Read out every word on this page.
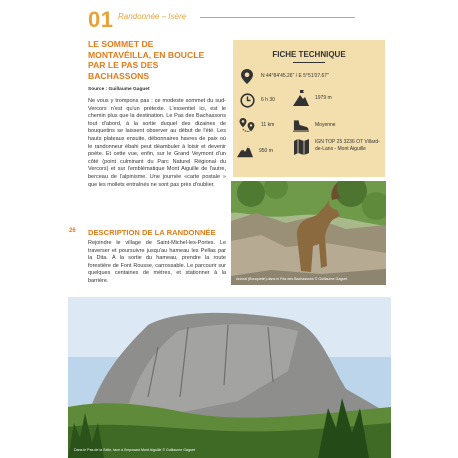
01 Randonnée – Isère
LE SOMMET DE MONTAVÉILLA, EN BOUCLE PAR LE PAS DES BACHASSONS
Source : Guillaume Gaguet
Ne vous y trompons pas : ce modeste sommet du sud-Vercors n'est qu'un prétexte. L'essentiel ici, est le chemin plus que la destination. Le Pas des Bachassons tout d'abord, à la sortie duquel des dizaines de bouquetins se laissent observer au début de l'été. Les hauts plateaux ensuite, débonnaires havres de paix où le randonneur ébahi peut déambuler à loisir et devenir poète. Et cette vue, enfin, sur le Grand Veymont d'un côté (point culminant du Parc Naturel Régional du Vercors) et sur l'emblématique Mont Aiguille de l'autre, berceau de l'alpinisme. Une journée «carte postale » que les mollets entraînés ne sont pas près d'oublier.
26 DESCRIPTION DE LA RANDONNÉE
Rejoindre le village de Saint-Michel-les-Portes. Le traverser et poursuivre jusqu'au hameau les Pellas par la Dita. À la sortie du hameau, prendre la route forestière de Font Rousse, carrossable. Le parcourir sur quelques centaines de mètres, et stationner à la barrière.
FICHE TECHNIQUE
N 44°84'45.26" / E 5°51'07.67"
6 h 30	1979 m
11 km	Moyenne
950 m
IGN TOP 25 3236 OT Villard-de-Lans - Mont Aiguille
Animal (Bouquetin) dans le Pas des Bachassons © Guillaume Gaguet
Dans le Pas de la Selle, face à l'imposant Mont Aiguille © Guillaume Gaguet
